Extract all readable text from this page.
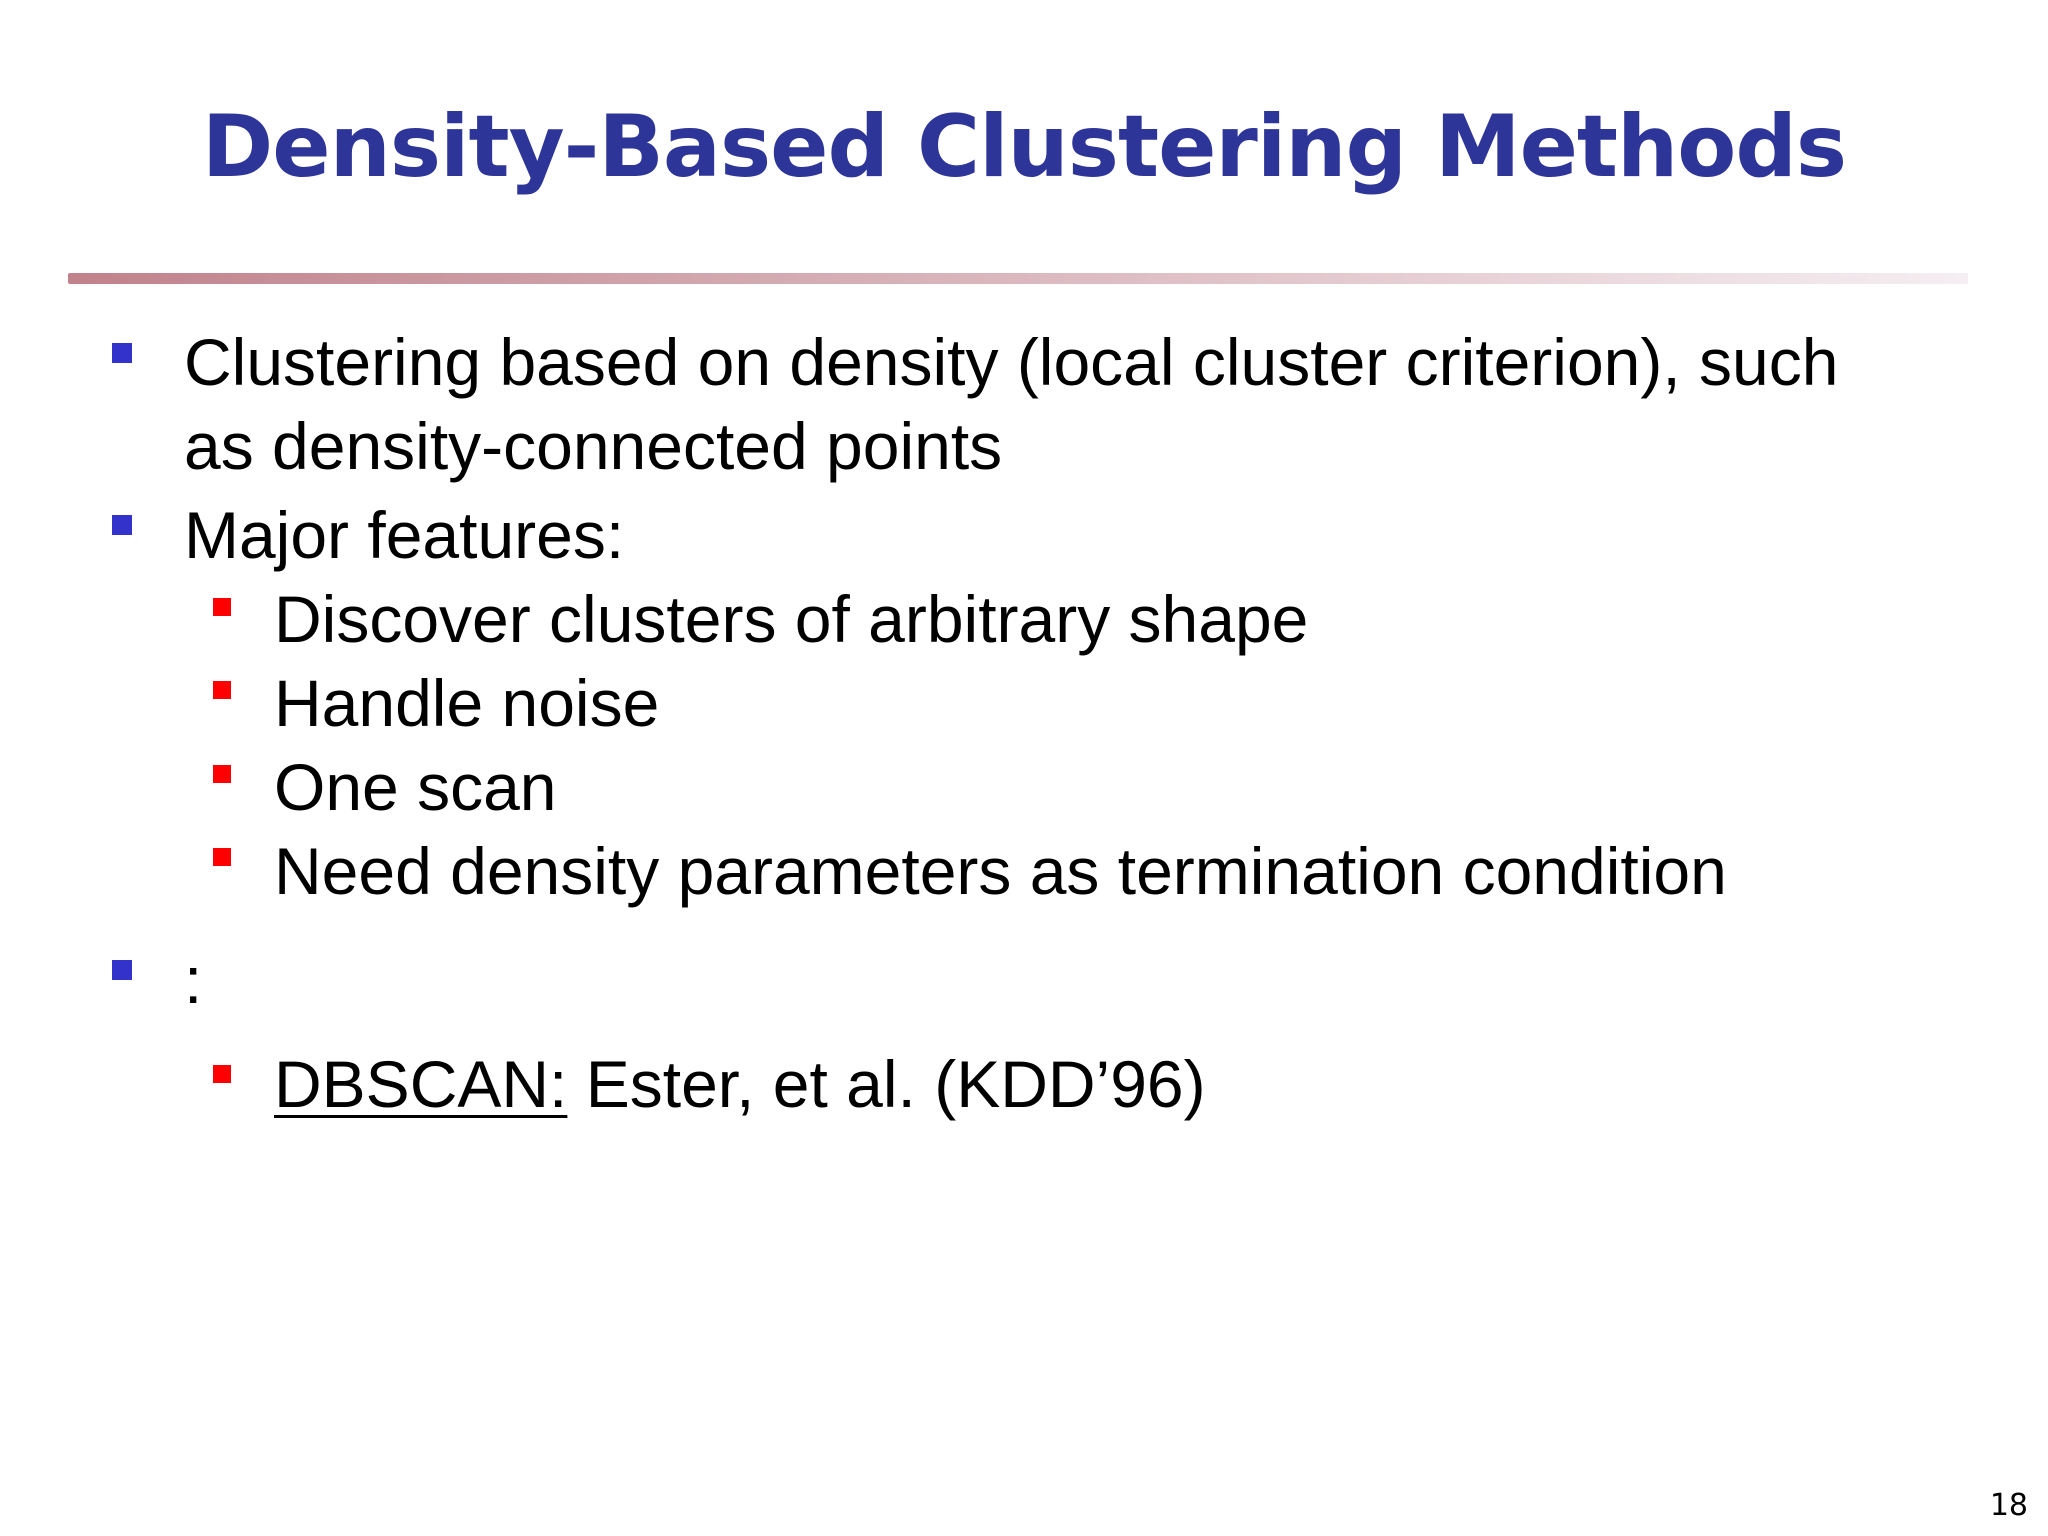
Density-Based Clustering Methods
Clustering based on density (local cluster criterion), such
as density-connected points
Major features:
Discover clusters of arbitrary shape
Handle noise
One scan
Need density parameters as termination condition
:
DBSCAN: Ester, et al. (KDD’96)
18
